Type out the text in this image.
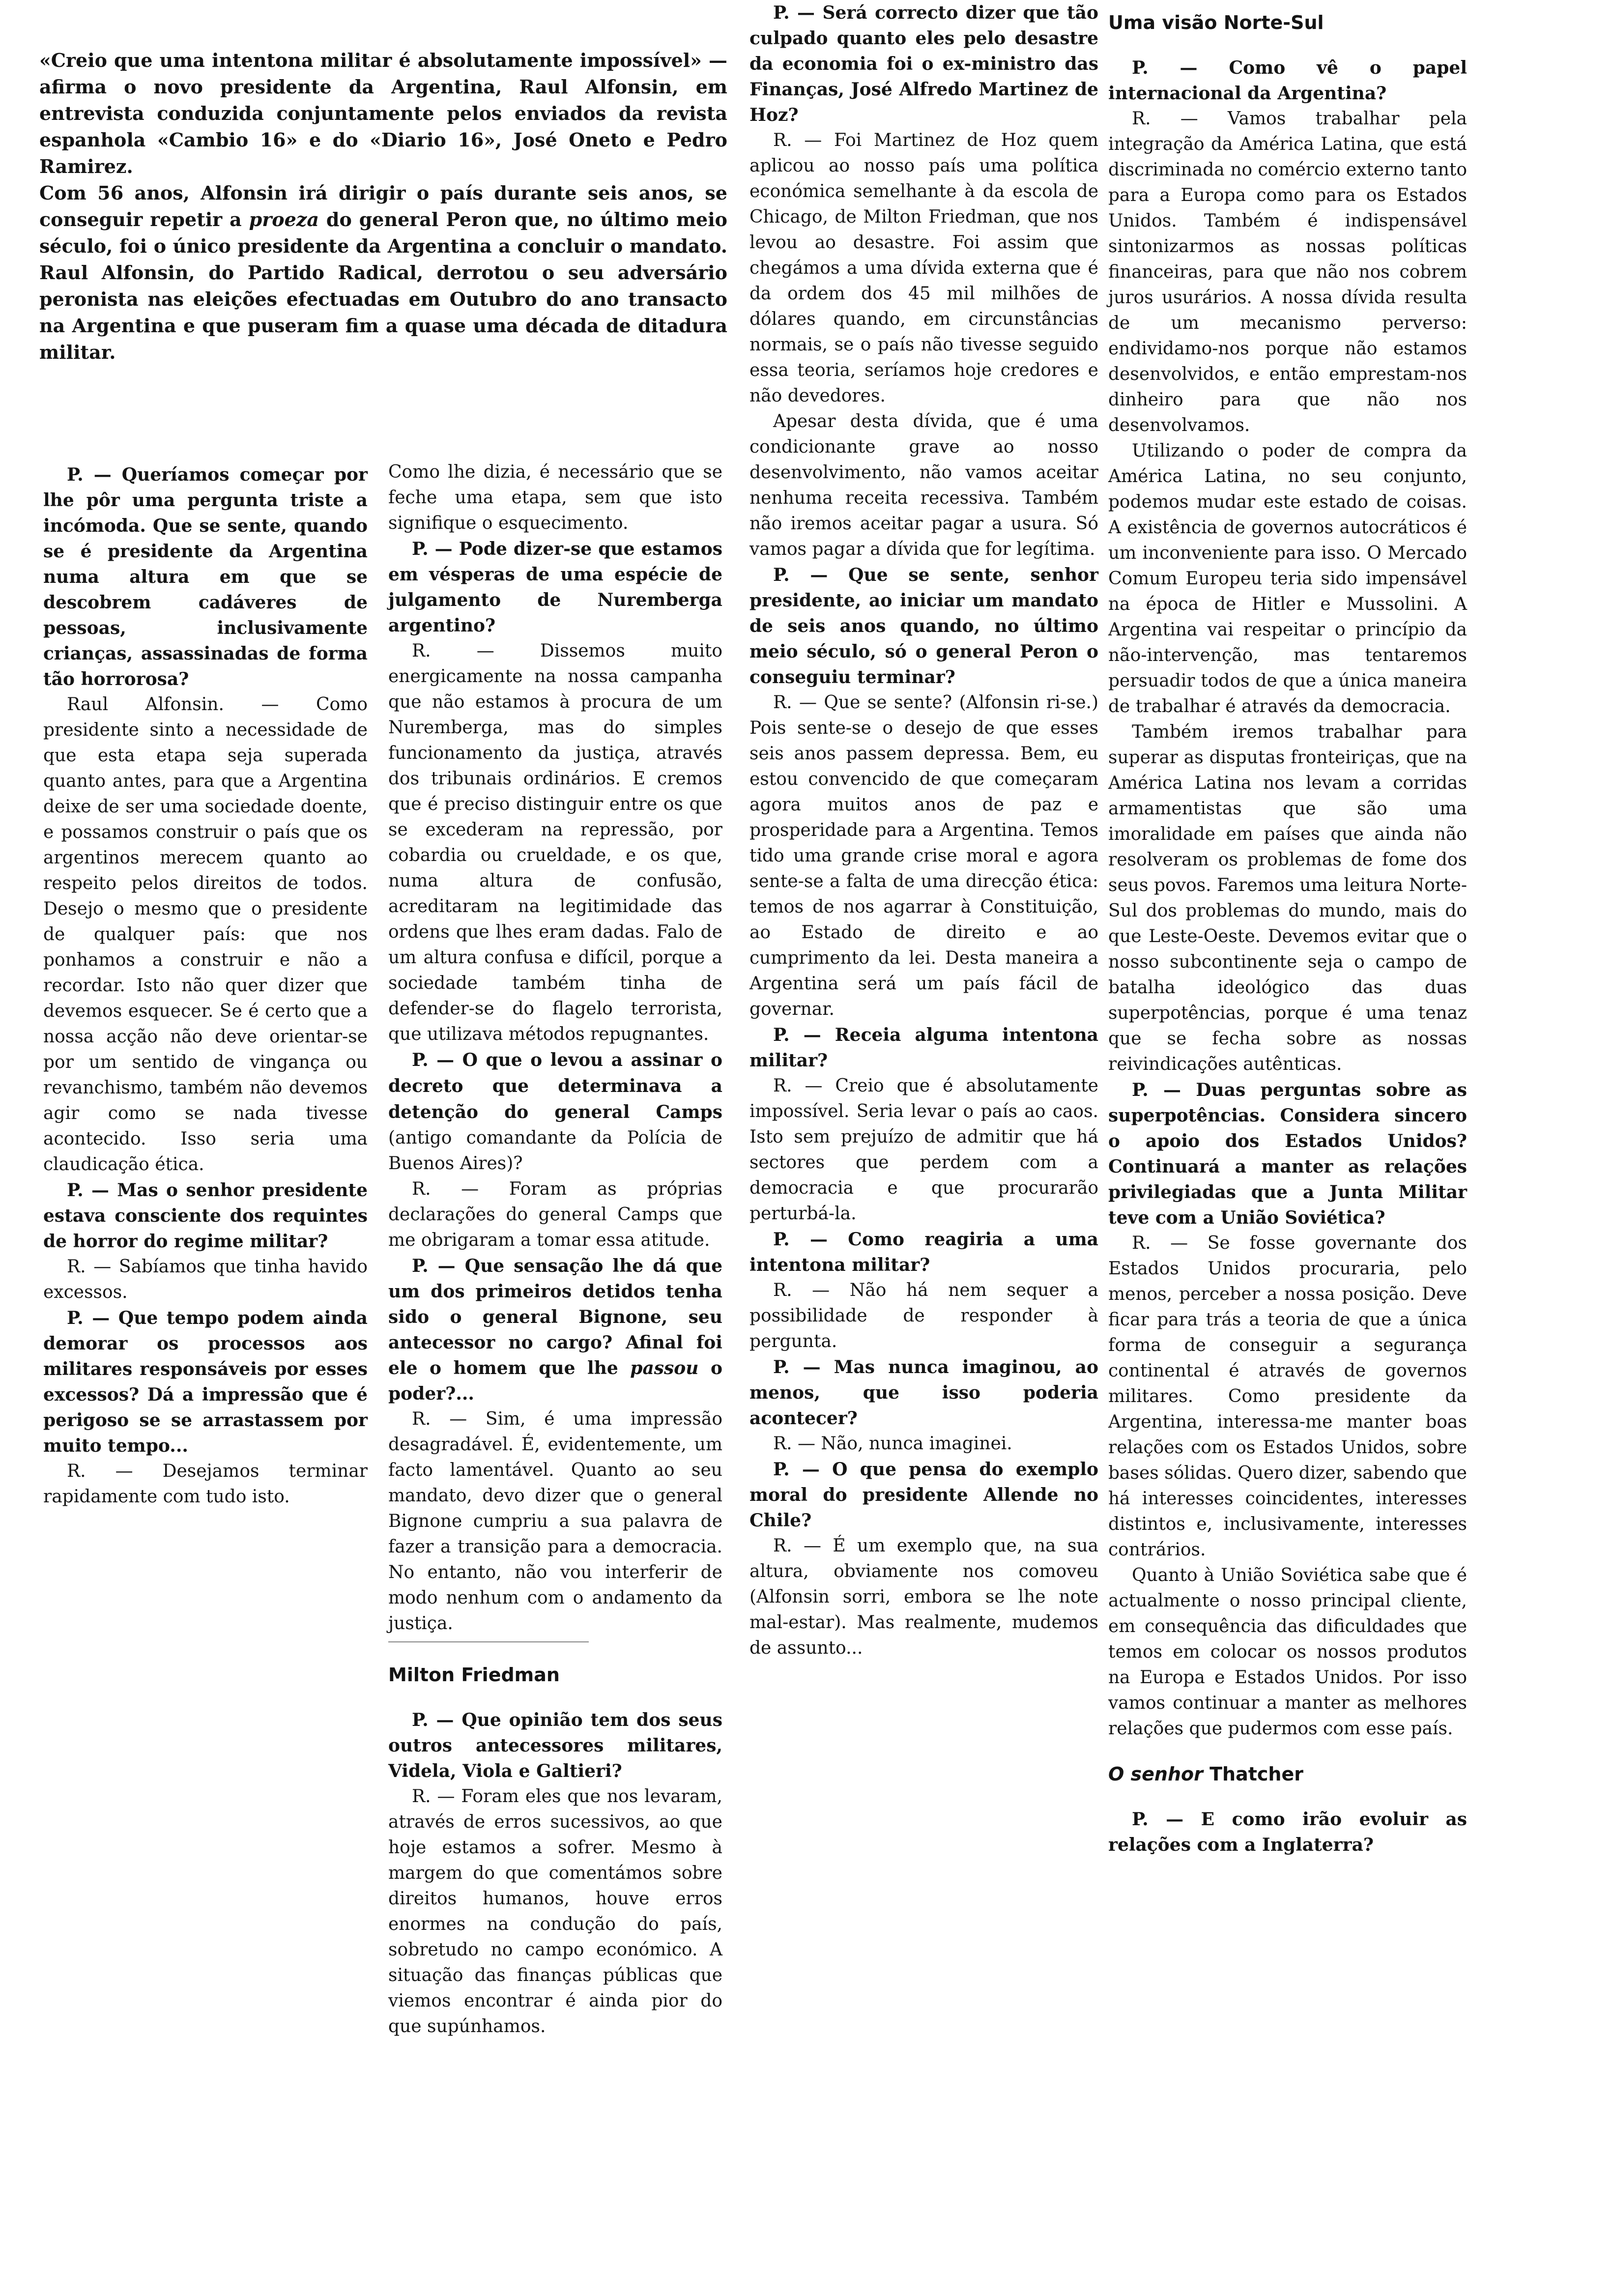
«Creio que uma intentona militar é absolutamente impossível» — afirma o novo presidente da Argentina, Raul Alfonsin, em entrevista conduzida conjuntamente pelos enviados da revista espanhola «Cambio 16» e do «Diario 16», José Oneto e Pedro Ramirez.

Com 56 anos, Alfonsin irá dirigir o país durante seis anos, se conseguir repetir a proeza do general Peron que, no último meio século, foi o único presidente da Argentina a concluir o mandato. Raul Alfonsin, do Partido Radical, derrotou o seu adversário peronista nas eleições efectuadas em Outubro do ano transacto na Argentina e que puseram fim a quase uma década de ditadura militar.

P. — Queríamos começar por lhe pôr uma pergunta triste a incómoda. Que se sente, quando se é presidente da Argentina numa altura em que se descobrem cadáveres de pessoas, inclusivamente crianças, assassinadas de forma tão horrorosa?

Raul Alfonsin. — Como presidente sinto a necessidade de que esta etapa seja superada quanto antes, para que a Argentina deixe de ser uma sociedade doente, e possamos construir o país que os argentinos merecem quanto ao respeito pelos direitos de todos. Desejo o mesmo que o presidente de qualquer país: que nos ponhamos a construir e não a recordar. Isto não quer dizer que devemos esquecer. Se é certo que a nossa acção não deve orientar-se por um sentido de vingança ou revanchismo, também não devemos agir como se nada tivesse acontecido. Isso seria uma claudicação ética.

P. — Mas o senhor presidente estava consciente dos requintes de horror do regime militar?

R. — Sabíamos que tinha havido excessos.

P. — Que tempo podem ainda demorar os processos aos militares responsáveis por esses excessos? Dá a impressão que é perigoso se se arrastassem por muito tempo...

R. — Desejamos terminar rapidamente com tudo isto.

Como lhe dizia, é necessário que se feche uma etapa, sem que isto signifique o esquecimento.

P. — Pode dizer-se que estamos em vésperas de uma espécie de julgamento de Nuremberga argentino?

R. — Dissemos muito energicamente na nossa campanha que não estamos à procura de um Nuremberga, mas do simples funcionamento da justiça, através dos tribunais ordinários. E cremos que é preciso distinguir entre os que se excederam na repressão, por cobardia ou crueldade, e os que, numa altura de confusão, acreditaram na legitimidade das ordens que lhes eram dadas. Falo de um altura confusa e difícil, porque a sociedade também tinha de defender-se do flagelo terrorista, que utilizava métodos repugnantes.

P. — O que o levou a assinar o decreto que determinava a detenção do general Camps (antigo comandante da Polícia de Buenos Aires)?

R. — Foram as próprias declarações do general Camps que me obrigaram a tomar essa atitude.

P. — Que sensação lhe dá que um dos primeiros detidos tenha sido o general Bignone, seu antecessor no cargo? Afinal foi ele o homem que lhe passou o poder?...

R. — Sim, é uma impressão desagradável. É, evidentemente, um facto lamentável. Quanto ao seu mandato, devo dizer que o general Bignone cumpriu a sua palavra de fazer a transição para a democracia. No entanto, não vou interferir de modo nenhum com o andamento da justiça.

Milton Friedman

P. — Que opinião tem dos seus outros antecessores militares, Videla, Viola e Galtieri?

R. — Foram eles que nos levaram, através de erros sucessivos, ao que hoje estamos a sofrer. Mesmo à margem do que comentámos sobre direitos humanos, houve erros enormes na condução do país, sobretudo no campo económico. A situação das finanças públicas que viemos encontrar é ainda pior do que supúnhamos.

P. — Será correcto dizer que tão culpado quanto eles pelo desastre da economia foi o ex-ministro das Finanças, José Alfredo Martinez de Hoz?

R. — Foi Martinez de Hoz quem aplicou ao nosso país uma política económica semelhante à da escola de Chicago, de Milton Friedman, que nos levou ao desastre. Foi assim que chegámos a uma dívida externa que é da ordem dos 45 mil milhões de dólares quando, em circunstâncias normais, se o país não tivesse seguido essa teoria, seríamos hoje credores e não devedores.

Apesar desta dívida, que é uma condicionante grave ao nosso desenvolvimento, não vamos aceitar nenhuma receita recessiva. Também não iremos aceitar pagar a usura. Só vamos pagar a dívida que for legítima.

P. — Que se sente, senhor presidente, ao iniciar um mandato de seis anos quando, no último meio século, só o general Peron o conseguiu terminar?

R. — Que se sente? (Alfonsin ri-se.) Pois sente-se o desejo de que esses seis anos passem depressa. Bem, eu estou convencido de que começaram agora muitos anos de paz e prosperidade para a Argentina. Temos tido uma grande crise moral e agora sente-se a falta de uma direcção ética: temos de nos agarrar à Constituição, ao Estado de direito e ao cumprimento da lei. Desta maneira a Argentina será um país fácil de governar.

P. — Receia alguma intentona militar?

R. — Creio que é absolutamente impossível. Seria levar o país ao caos. Isto sem prejuízo de admitir que há sectores que perdem com a democracia e que procurarão perturbá-la.

P. — Como reagiria a uma intentona militar?

R. — Não há nem sequer a possibilidade de responder à pergunta.

P. — Mas nunca imaginou, ao menos, que isso poderia acontecer?

R. — Não, nunca imaginei.

P. — O que pensa do exemplo moral do presidente Allende no Chile?

R. — É um exemplo que, na sua altura, obviamente nos comoveu (Alfonsin sorri, embora se lhe note mal-estar). Mas realmente, mudemos de assunto...

Uma visão Norte-Sul

P. — Como vê o papel internacional da Argentina?

R. — Vamos trabalhar pela integração da América Latina, que está discriminada no comércio externo tanto para a Europa como para os Estados Unidos. Também é indispensável sintonizarmos as nossas políticas financeiras, para que não nos cobrem juros usurários. A nossa dívida resulta de um mecanismo perverso: endividamo-nos porque não estamos desenvolvidos, e então emprestam-nos dinheiro para que não nos desenvolvamos.

Utilizando o poder de compra da América Latina, no seu conjunto, podemos mudar este estado de coisas. A existência de governos autocráticos é um inconveniente para isso. O Mercado Comum Europeu teria sido impensável na época de Hitler e Mussolini. A Argentina vai respeitar o princípio da não-intervenção, mas tentaremos persuadir todos de que a única maneira de trabalhar é através da democracia.

Também iremos trabalhar para superar as disputas fronteiriças, que na América Latina nos levam a corridas armamentistas que são uma imoralidade em países que ainda não resolveram os problemas de fome dos seus povos. Faremos uma leitura Norte-Sul dos problemas do mundo, mais do que Leste-Oeste. Devemos evitar que o nosso subcontinente seja o campo de batalha ideológico das duas superpotências, porque é uma tenaz que se fecha sobre as nossas reivindicações autênticas.

P. — Duas perguntas sobre as superpotências. Considera sincero o apoio dos Estados Unidos? Continuará a manter as relações privilegiadas que a Junta Militar teve com a União Soviética?

R. — Se fosse governante dos Estados Unidos procuraria, pelo menos, perceber a nossa posição. Deve ficar para trás a teoria de que a única forma de conseguir a segurança continental é através de governos militares. Como presidente da Argentina, interessa-me manter boas relações com os Estados Unidos, sobre bases sólidas. Quero dizer, sabendo que há interesses coincidentes, interesses distintos e, inclusivamente, interesses contrários.

Quanto à União Soviética sabe que é actualmente o nosso principal cliente, em consequência das dificuldades que temos em colocar os nossos produtos na Europa e Estados Unidos. Por isso vamos continuar a manter as melhores relações que pudermos com esse país.

O senhor Thatcher

P. — E como irão evoluir as relações com a Inglaterra?
